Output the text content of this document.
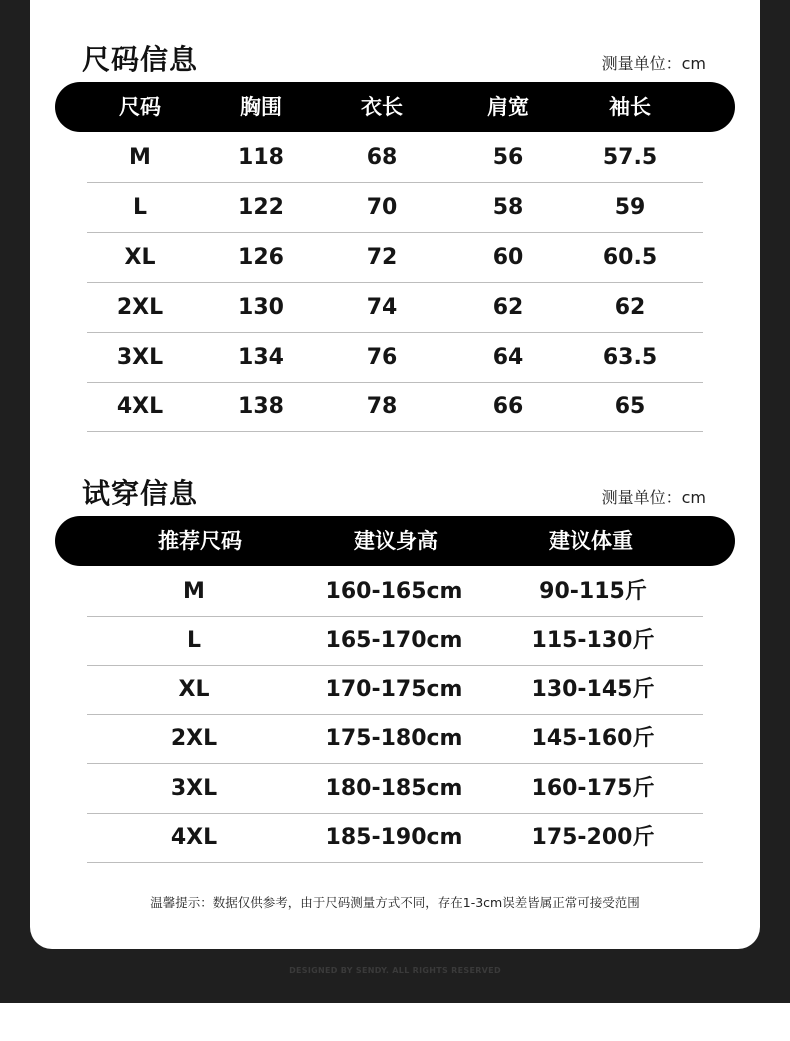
尺码信息	测量单位：cm
尺码	胸围	衣长	肩宽	袖长
M	118	68	56	57.5
L	122	70	58	59
XL	126	72	60	60.5
2XL	130	74	62	62
3XL	134	76	64	63.5
4XL	138	78	66	65
试穿信息	测量单位：cm
推荐尺码	建议身高	建议体重
M	160-165cm	90-115斤
L	165-170cm	115-130斤
XL	170-175cm	130-145斤
2XL	175-180cm	145-160斤
3XL	180-185cm	160-175斤
4XL	185-190cm	175-200斤
温馨提示：数据仅供参考，由于尺码测量方式不同，存在1-3cm误差皆属正常可接受范围
DESIGNED BY SENDY. ALL RIGHTS RESERVED
